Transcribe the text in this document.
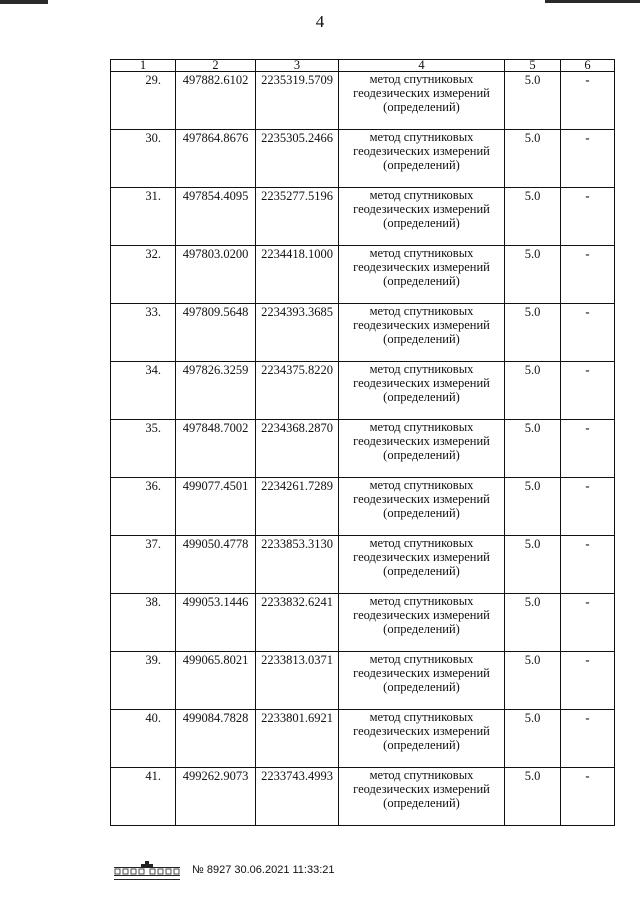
4
1	2	3	4	5	6
29.	497882.6102	2235319.5709	метод спутниковых геодезических измерений (определений)	5.0	-
30.	497864.8676	2235305.2466	метод спутниковых геодезических измерений (определений)	5.0	-
31.	497854.4095	2235277.5196	метод спутниковых геодезических измерений (определений)	5.0	-
32.	497803.0200	2234418.1000	метод спутниковых геодезических измерений (определений)	5.0	-
33.	497809.5648	2234393.3685	метод спутниковых геодезических измерений (определений)	5.0	-
34.	497826.3259	2234375.8220	метод спутниковых геодезических измерений (определений)	5.0	-
35.	497848.7002	2234368.2870	метод спутниковых геодезических измерений (определений)	5.0	-
36.	499077.4501	2234261.7289	метод спутниковых геодезических измерений (определений)	5.0	-
37.	499050.4778	2233853.3130	метод спутниковых геодезических измерений (определений)	5.0	-
38.	499053.1446	2233832.6241	метод спутниковых геодезических измерений (определений)	5.0	-
39.	499065.8021	2233813.0371	метод спутниковых геодезических измерений (определений)	5.0	-
40.	499084.7828	2233801.6921	метод спутниковых геодезических измерений (определений)	5.0	-
41.	499262.9073	2233743.4993	метод спутниковых геодезических измерений (определений)	5.0	-
№ 8927 30.06.2021 11:33:21
